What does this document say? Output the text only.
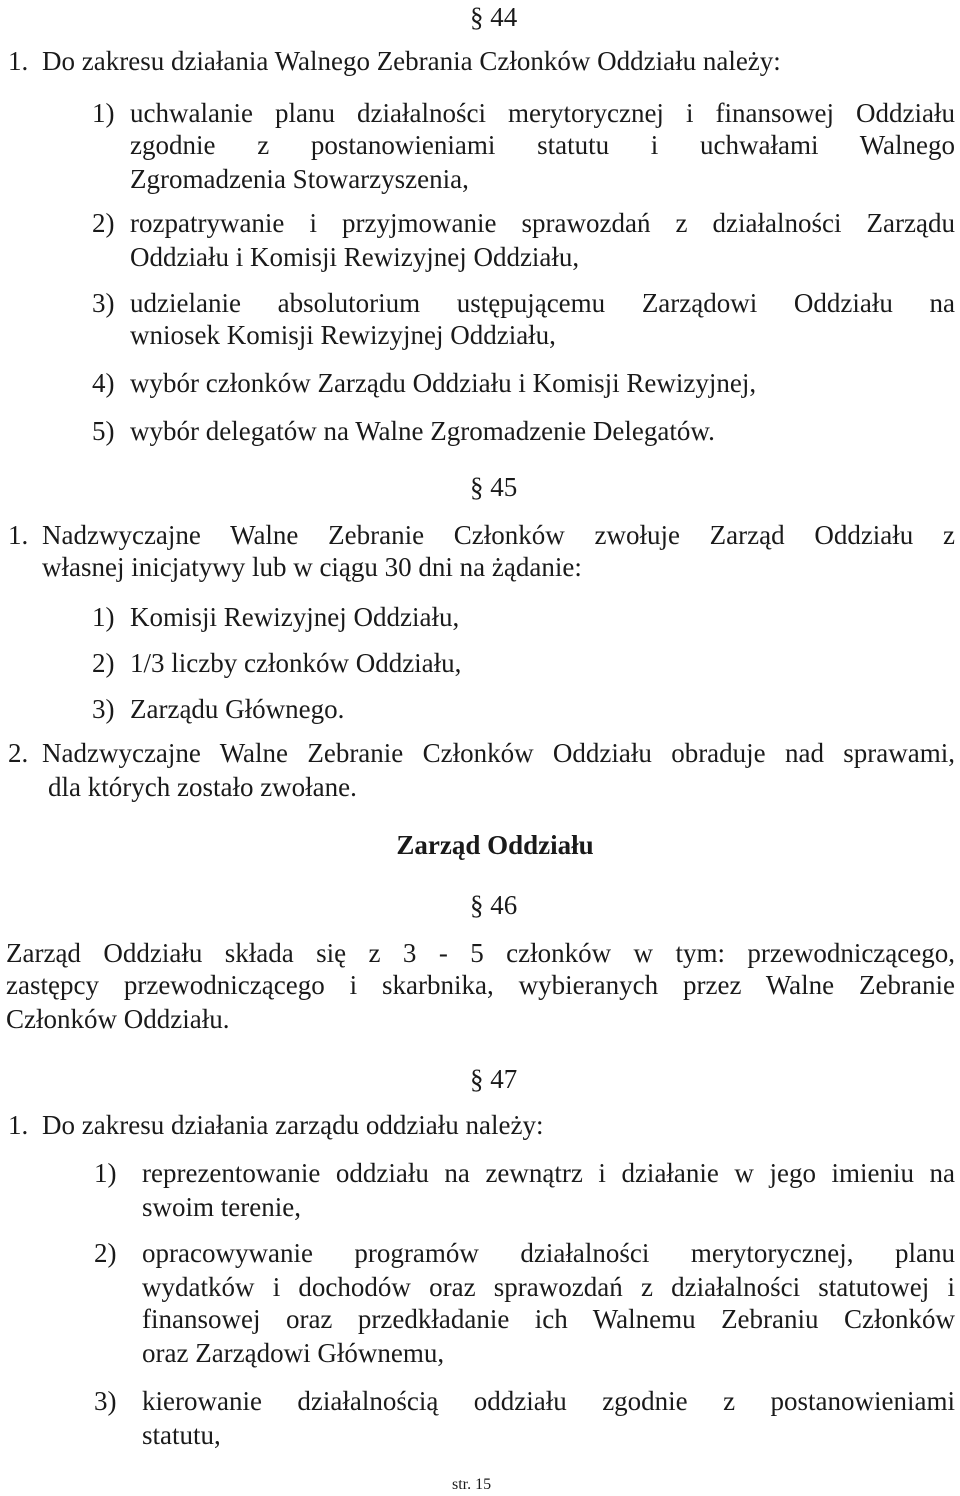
§ 44
1. Do zakresu działania Walnego Zebrania Członków Oddziału należy:
1) uchwalanie planu działalności merytorycznej i finansowej Oddziału
zgodnie z postanowieniami statutu i uchwałami Walnego
Zgromadzenia Stowarzyszenia,
2) rozpatrywanie i przyjmowanie sprawozdań z działalności Zarządu
Oddziału i Komisji Rewizyjnej Oddziału,
3) udzielanie absolutorium ustępującemu Zarządowi Oddziału na
wniosek Komisji Rewizyjnej Oddziału,
4) wybór członków Zarządu Oddziału i Komisji Rewizyjnej,
5) wybór delegatów na Walne Zgromadzenie Delegatów.
§ 45
1. Nadzwyczajne Walne Zebranie Członków zwołuje Zarząd Oddziału z
własnej inicjatywy lub w ciągu 30 dni na żądanie:
1) Komisji Rewizyjnej Oddziału,
2) 1/3 liczby członków Oddziału,
3) Zarządu Głównego.
2. Nadzwyczajne Walne Zebranie Członków Oddziału obraduje nad sprawami,
dla których zostało zwołane.
Zarząd Oddziału
§ 46
Zarząd Oddziału składa się z 3 - 5 członków w tym: przewodniczącego,
zastępcy przewodniczącego i skarbnika, wybieranych przez Walne Zebranie
Członków Oddziału.
§ 47
1. Do zakresu działania zarządu oddziału należy:
1) reprezentowanie oddziału na zewnątrz i działanie w jego imieniu na
swoim terenie,
2) opracowywanie programów działalności merytorycznej, planu
wydatków i dochodów oraz sprawozdań z działalności statutowej i
finansowej oraz przedkładanie ich Walnemu Zebraniu Członków
oraz Zarządowi Głównemu,
3) kierowanie działalnością oddziału zgodnie z postanowieniami
statutu,
str. 15
